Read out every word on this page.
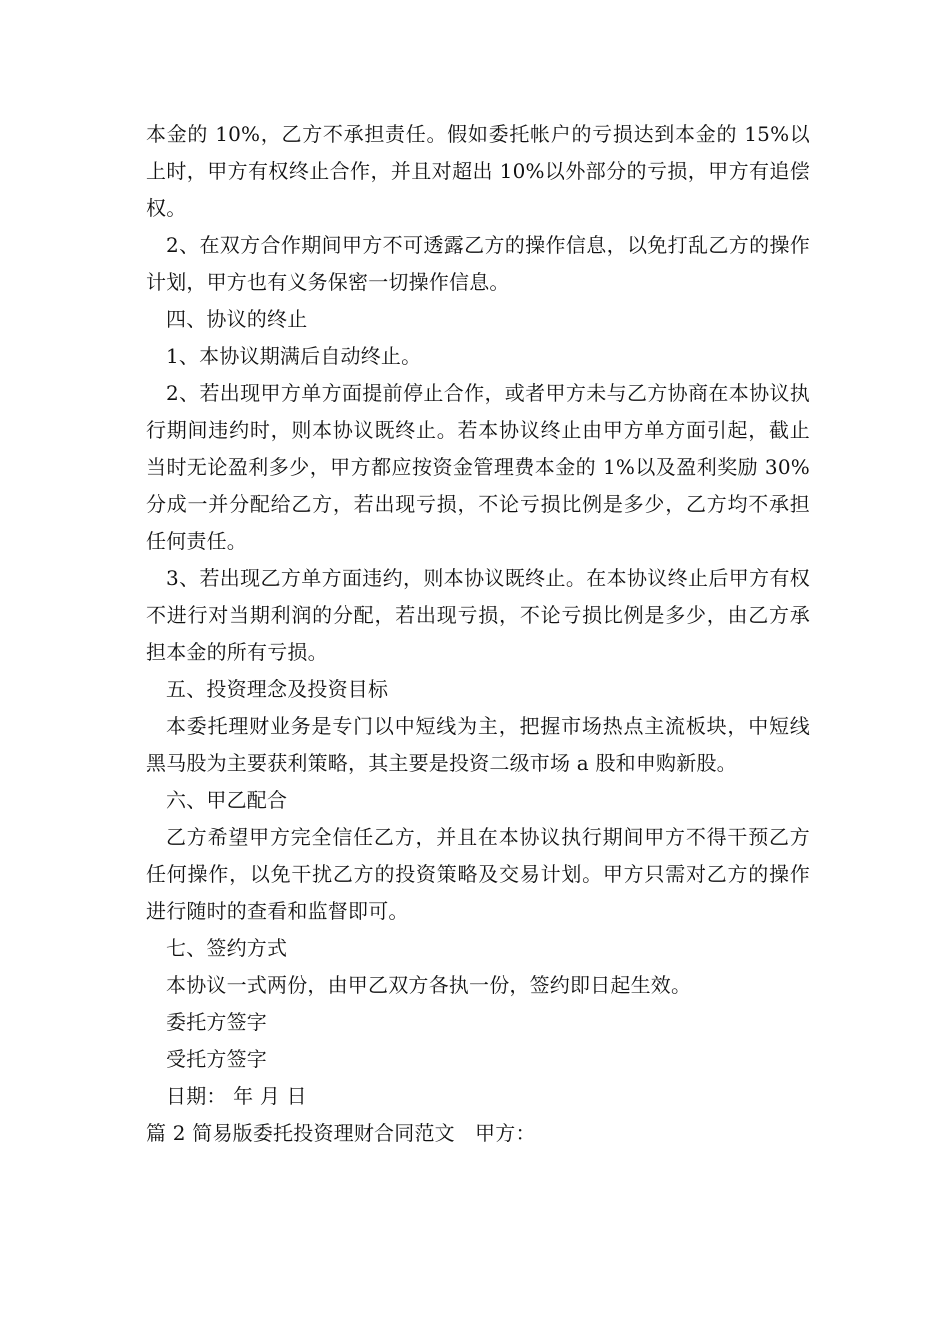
本金的 10%，乙方不承担责任。假如委托帐户的亏损达到本金的 15%以上时，甲方有权终止合作，并且对超出 10%以外部分的亏损，甲方有追偿权。

2、在双方合作期间甲方不可透露乙方的操作信息，以免打乱乙方的操作计划，甲方也有义务保密一切操作信息。

四、协议的终止

1、本协议期满后自动终止。

2、若出现甲方单方面提前停止合作，或者甲方未与乙方协商在本协议执行期间违约时，则本协议既终止。若本协议终止由甲方单方面引起，截止当时无论盈利多少，甲方都应按资金管理费本金的 1%以及盈利奖励 30%分成一并分配给乙方，若出现亏损，不论亏损比例是多少，乙方均不承担任何责任。

3、若出现乙方单方面违约，则本协议既终止。在本协议终止后甲方有权不进行对当期利润的分配，若出现亏损，不论亏损比例是多少，由乙方承担本金的所有亏损。

五、投资理念及投资目标

本委托理财业务是专门以中短线为主，把握市场热点主流板块，中短线黑马股为主要获利策略，其主要是投资二级市场 a 股和申购新股。

六、甲乙配合

乙方希望甲方完全信任乙方，并且在本协议执行期间甲方不得干预乙方任何操作，以免干扰乙方的投资策略及交易计划。甲方只需对乙方的操作进行随时的查看和监督即可。

七、签约方式

本协议一式两份，由甲乙双方各执一份，签约即日起生效。

委托方签字

受托方签字

日期： 年 月 日

篇 2 简易版委托投资理财合同范文　甲方：
